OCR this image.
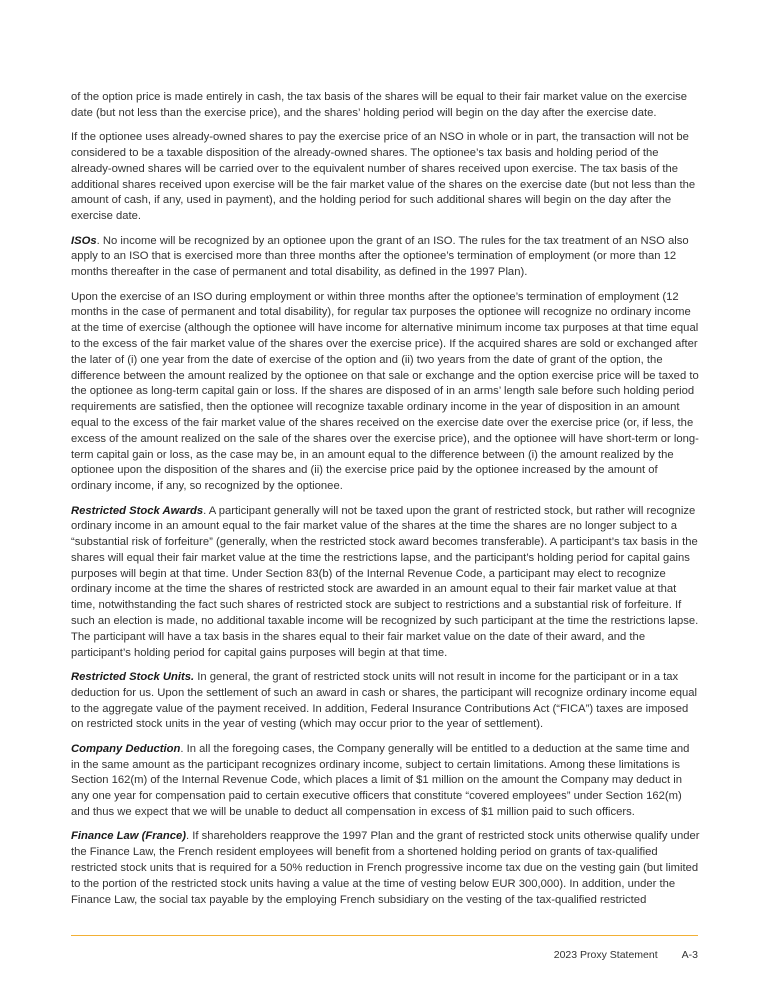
of the option price is made entirely in cash, the tax basis of the shares will be equal to their fair market value on the exercise date (but not less than the exercise price), and the shares’ holding period will begin on the day after the exercise date.

If the optionee uses already-owned shares to pay the exercise price of an NSO in whole or in part, the transaction will not be considered to be a taxable disposition of the already-owned shares. The optionee’s tax basis and holding period of the already-owned shares will be carried over to the equivalent number of shares received upon exercise. The tax basis of the additional shares received upon exercise will be the fair market value of the shares on the exercise date (but not less than the amount of cash, if any, used in payment), and the holding period for such additional shares will begin on the day after the exercise date.

ISOs. No income will be recognized by an optionee upon the grant of an ISO. The rules for the tax treatment of an NSO also apply to an ISO that is exercised more than three months after the optionee’s termination of employment (or more than 12 months thereafter in the case of permanent and total disability, as defined in the 1997 Plan).

Upon the exercise of an ISO during employment or within three months after the optionee’s termination of employment (12 months in the case of permanent and total disability), for regular tax purposes the optionee will recognize no ordinary income at the time of exercise (although the optionee will have income for alternative minimum income tax purposes at that time equal to the excess of the fair market value of the shares over the exercise price). If the acquired shares are sold or exchanged after the later of (i) one year from the date of exercise of the option and (ii) two years from the date of grant of the option, the difference between the amount realized by the optionee on that sale or exchange and the option exercise price will be taxed to the optionee as long-term capital gain or loss. If the shares are disposed of in an arms’ length sale before such holding period requirements are satisfied, then the optionee will recognize taxable ordinary income in the year of disposition in an amount equal to the excess of the fair market value of the shares received on the exercise date over the exercise price (or, if less, the excess of the amount realized on the sale of the shares over the exercise price), and the optionee will have short-term or long-term capital gain or loss, as the case may be, in an amount equal to the difference between (i) the amount realized by the optionee upon the disposition of the shares and (ii) the exercise price paid by the optionee increased by the amount of ordinary income, if any, so recognized by the optionee.

Restricted Stock Awards. A participant generally will not be taxed upon the grant of restricted stock, but rather will recognize ordinary income in an amount equal to the fair market value of the shares at the time the shares are no longer subject to a “substantial risk of forfeiture” (generally, when the restricted stock award becomes transferable). A participant’s tax basis in the shares will equal their fair market value at the time the restrictions lapse, and the participant’s holding period for capital gains purposes will begin at that time. Under Section 83(b) of the Internal Revenue Code, a participant may elect to recognize ordinary income at the time the shares of restricted stock are awarded in an amount equal to their fair market value at that time, notwithstanding the fact such shares of restricted stock are subject to restrictions and a substantial risk of forfeiture. If such an election is made, no additional taxable income will be recognized by such participant at the time the restrictions lapse. The participant will have a tax basis in the shares equal to their fair market value on the date of their award, and the participant’s holding period for capital gains purposes will begin at that time.

Restricted Stock Units. In general, the grant of restricted stock units will not result in income for the participant or in a tax deduction for us. Upon the settlement of such an award in cash or shares, the participant will recognize ordinary income equal to the aggregate value of the payment received. In addition, Federal Insurance Contributions Act (“FICA”) taxes are imposed on restricted stock units in the year of vesting (which may occur prior to the year of settlement).

Company Deduction. In all the foregoing cases, the Company generally will be entitled to a deduction at the same time and in the same amount as the participant recognizes ordinary income, subject to certain limitations. Among these limitations is Section 162(m) of the Internal Revenue Code, which places a limit of $1 million on the amount the Company may deduct in any one year for compensation paid to certain executive officers that constitute “covered employees” under Section 162(m) and thus we expect that we will be unable to deduct all compensation in excess of $1 million paid to such officers.

Finance Law (France). If shareholders reapprove the 1997 Plan and the grant of restricted stock units otherwise qualify under the Finance Law, the French resident employees will benefit from a shortened holding period on grants of tax-qualified restricted stock units that is required for a 50% reduction in French progressive income tax due on the vesting gain (but limited to the portion of the restricted stock units having a value at the time of vesting below EUR 300,000). In addition, under the Finance Law, the social tax payable by the employing French subsidiary on the vesting of the tax-qualified restricted

2023 Proxy Statement A-3
